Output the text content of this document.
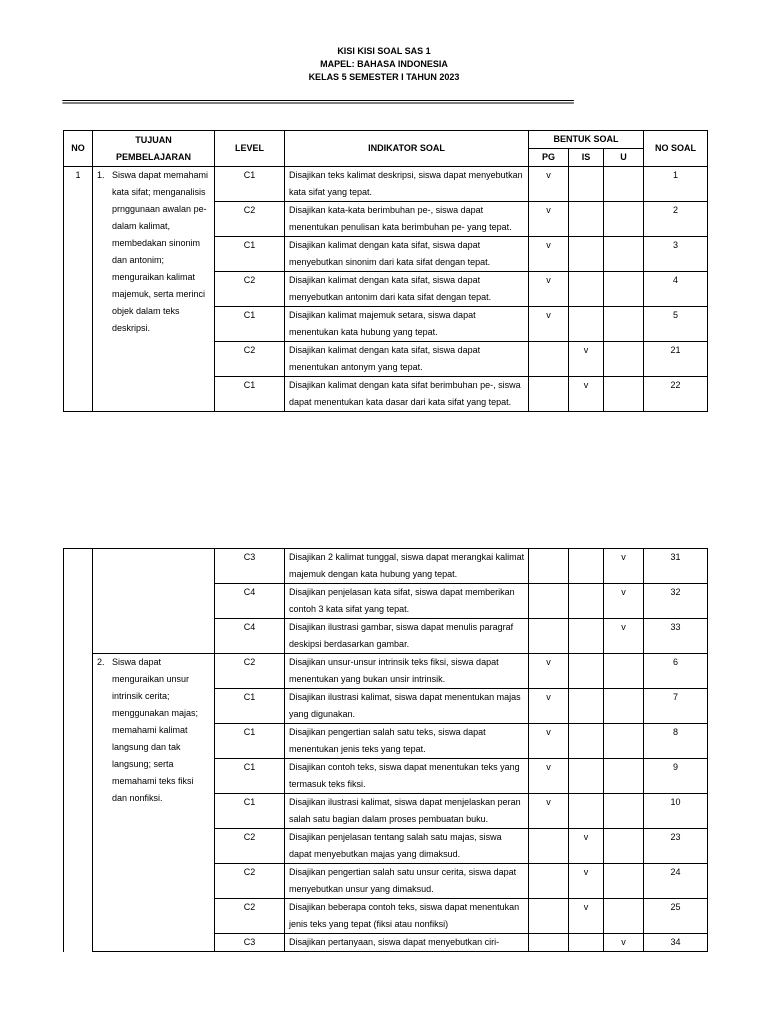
KISI KISI SOAL SAS 1
MAPEL: BAHASA INDONESIA
KELAS 5 SEMESTER I TAHUN 2023
==============================================================================================================================
NO	TUJUAN
PEMBELAJARAN	LEVEL	INDIKATOR SOAL	BENTUK SOAL			NO SOAL
				PG	IS	U	
1	1. Siswa dapat memahami kata sifat; menganalisis prnggunaan awalan pe- dalam kalimat, membedakan sinonim dan antonim; menguraikan kalimat majemuk, serta merinci objek dalam teks deskripsi.	C1	Disajikan teks kalimat deskripsi, siswa dapat menyebutkan kata sifat yang tepat.	v			1
		C2	Disajikan kata-kata berimbuhan pe-, siswa dapat menentukan penulisan kata berimbuhan pe- yang tepat.	v			2
		C1	Disajikan kalimat dengan kata sifat, siswa dapat menyebutkan sinonim dari kata sifat dengan tepat.	v			3
		C2	Disajikan kalimat dengan kata sifat, siswa dapat menyebutkan antonim dari kata sifat dengan tepat.	v			4
		C1	Disajikan kalimat majemuk setara, siswa dapat menentukan kata hubung yang tepat.	v			5
		C2	Disajikan kalimat dengan kata sifat, siswa dapat menentukan antonym yang tepat.		v		21
		C1	Disajikan kalimat dengan kata sifat berimbuhan pe-, siswa dapat menentukan kata dasar dari kata sifat yang tepat.		v		22
		C3	Disajikan 2 kalimat tunggal, siswa dapat merangkai kalimat majemuk dengan kata hubung yang tepat.			v	31
		C4	Disajikan penjelasan kata sifat, siswa dapat memberikan contoh 3 kata sifat yang tepat.			v	32
		C4	Disajikan ilustrasi gambar, siswa dapat menulis paragraf deskipsi berdasarkan gambar.			v	33

	2. Siswa dapat menguraikan unsur intrinsik cerita; menggunakan majas; memahami kalimat langsung dan tak langsung; serta memahami teks fiksi dan nonfiksi.	C2	Disajikan unsur-unsur intrinsik teks fiksi, siswa dapat menentukan yang bukan unsir intrinsik.	v			6
		C1	Disajikan ilustrasi kalimat, siswa dapat menentukan majas yang digunakan.	v			7
		C1	Disajikan pengertian salah satu teks, siswa dapat menentukan jenis teks yang tepat.	v			8
		C1	Disajikan contoh teks, siswa dapat menentukan teks yang termasuk teks fiksi.	v			9
		C1	Disajikan ilustrasi kalimat, siswa dapat menjelaskan peran salah satu bagian dalam proses pembuatan buku.	v			10
		C2	Disajikan penjelasan tentang salah satu majas, siswa dapat menyebutkan majas yang dimaksud.		v		23
		C2	Disajikan pengertian salah satu unsur cerita, siswa dapat menyebutkan unsur yang dimaksud.		v		24
		C2	Disajikan beberapa contoh teks, siswa dapat menentukan jenis teks yang tepat (fiksi atau nonfiksi)		v		25
		C3	Disajikan pertanyaan, siswa dapat menyebutkan ciri-			v	34
